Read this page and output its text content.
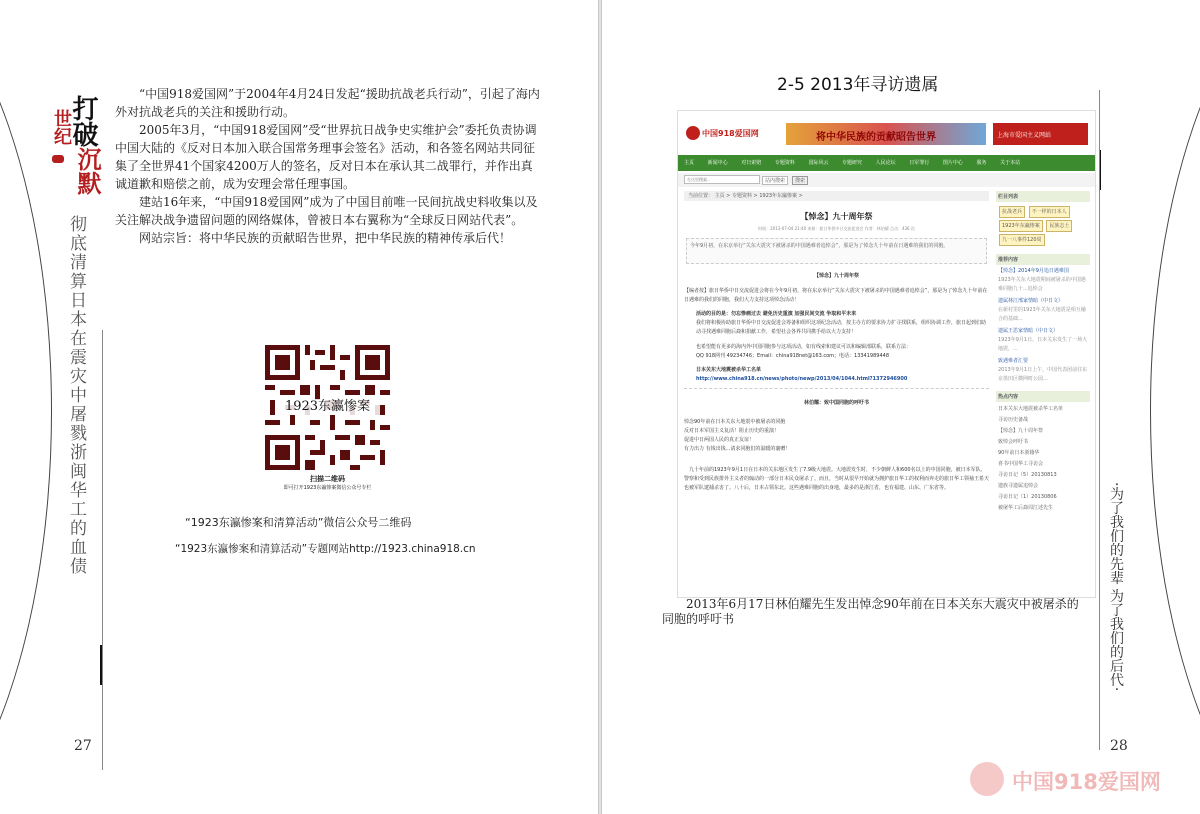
打破
世纪
沉默
彻底清算日本在震灾中屠戮浙闽华工的血债

“中国918爱国网”于2004年4月24日发起“援助抗战老兵行动”，引起了海内外对抗战老兵的关注和援助行动。

2005年3月，“中国918爱国网”受“世界抗日战争史实维护会”委托负责协调中国大陆的《反对日本加入联合国常务理事会签名》活动，和各签名网站共同征集了全世界41个国家4200万人的签名，反对日本在承认其二战罪行，并作出真诚道歉和赔偿之前，成为安理会常任理事国。

建站16年来，“中国918爱国网”成为了中国目前唯一民间抗战史料收集以及关注解决战争遗留问题的网络媒体，曾被日本右翼称为“全球反日网站代表”。

网站宗旨：将中华民族的贡献昭告世界，把中华民族的精神传承后代！

1923东瀛惨案
扫描二维码
即可打开1923东瀛惨案微信公众号专栏
“1923东瀛惨案和清算活动”微信公众号二维码
“1923东瀛惨案和清算活动”专题网站http://1923.china918.cn
27
2-5 2013年寻访遗属
中国918爱国网	将中华民族的贡献昭告世界	上海市爱国主义网站
主页	新闻中心	对日索赔	专题资料	国际风云	专题研究	人民论坛	日军罪行	图片中心	服务	关于本站
在这里搜索...
站内搜索	搜索
当前位置： 主页 > 专题资料 > 1923年东瀛惨案 >
【悼念】九十周年祭
时间：2013-07-04 21:40 来源：旅日华侨中日交流促进会 作者：林伯耀 点击：436 次
今年9月初，在东京举行“关东大震灾下被屠杀的中国遇难者追悼会”，那是为了悼念九十年前在日遇难的我们的同胞。
【悼念】九十周年祭
【编者按】旅日华侨中日交流促进会将在今年9月初，将在东京举行“关东大震灾下被屠杀的中国遇难者追悼会”，那是为了悼念九十年前在日遇难的我们的同胞，我们大力支持这项悼念活动！
活动的目的是：勿忘惨痛过去 避免历史重演 加强民间交流 争取和平未来
我们将积极协助旅日华侨中日交流促进会筹备和组织这项纪念活动，按主办方的要求协力扩寻找联系，组织协调工作，旅日起到们助动寻找遇难同胞后裔和捐献工作，希望社会各界共同携手给以大力支持！
也希望能有更多的海内外中国同胞参与这项活动，如有线索和建议可以和编辑部联系，联系方法：
QQ 918网刊 49234746；Email：china918net@163.com；电话：13341989448
日本关东大地震被杀华工名单
http://www.china918.cn/news/photo/newp/2013/04/1044.html?1372946900
林伯耀：致中国同胞的呼吁书
悼念90年前在日本关东大地震中被屠杀的同胞
反对日本军国主义复活！阻止历史的重演！
促进中日两国人民的真正友谊！
有力出力 有钱出钱...请求同胞们的温暖的襄赠！
九十年前的1923年9月1日在日本的关东地区发生了7.9级大地震。大地震发生时，不少朝鲜人和600名以上的中国同胞，被日本军队、警察和受到民族排外主义者的煽动的一部分日本民众屠杀了。而且，当时从很早开始就为拥护旅日华工的权利而奔走的旅日华工领袖王希天也被军队逮捕杀害了。八十后，日本占领东北。这些遇难同胞的出身地，最多的是浙江省，也有福建、山东、广东省等。
栏目列表
抗战老兵 不一样的日本人 1923年东瀛惨案 民族志士 九一八事件120周
推荐内容
【悼念】2014年9月追日遇难国
1923年关东大地震期间被屠杀的中国遇难同胞九十...追悼会
遗属林江邢家情暗（中日文）
在新村里的1923年关东大地震是相互融合的基础...
遗属王思家情暗（中日文）
1923年9月1日，日本关东发生了一场大地震，...
致遇难者汇要
2013年9月1日上午，中国代表团前往东京墨田区横网町公园...
热点内容
日本关东大地震被杀华工名单
寻访历史备战
【悼念】九十周年祭
致悼会呼吁书
90年前日本浙籍华
喜书中国华工寻访会
寻访日记（5）20130813
遗族寻遗属追悼会
寻访日记（1）20130806
被屠华工后裔周江述先生
2013年6月17日林伯耀先生发出悼念90年前在日本关东大震灾中被屠杀的同胞的呼吁书	·为了我们的先辈 为了我们的后代·
28
中国918爱国网
